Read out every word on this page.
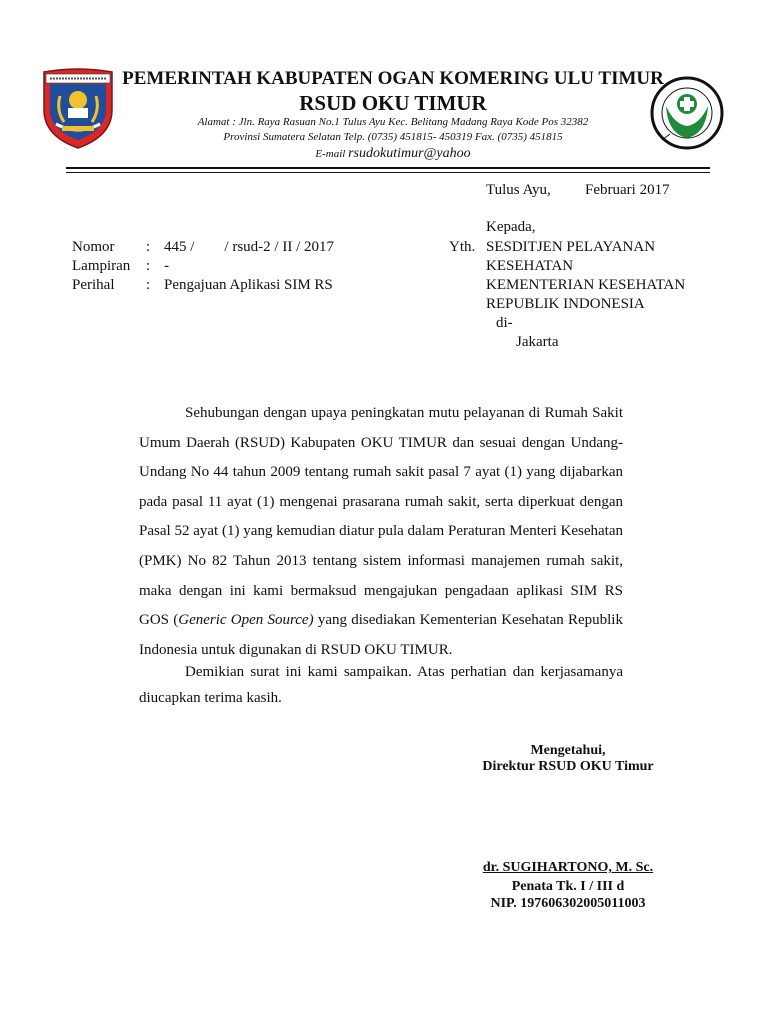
PEMERINTAH KABUPATEN OGAN KOMERING ULU TIMUR
RSUD OKU TIMUR
Alamat : Jln. Raya Rasuan No.1 Tulus Ayu Kec. Belitang Madang Raya Kode Pos 32382
Provinsi Sumatera Selatan Telp. (0735) 451815- 450319 Fax. (0735) 451815
E-mail rsudokutimur@yahoo
Tulus Ayu, Februari 2017
Kepada,
Yth. SESDITJEN PELAYANAN
KESEHATAN
KEMENTERIAN KESEHATAN
REPUBLIK INDONESIA
di-
Jakarta
Nomor	:	445 /        / rsud-2 / II / 2017
Lampiran	:	-
Perihal	:	Pengajuan Aplikasi SIM RS

Sehubungan dengan upaya peningkatan mutu pelayanan di Rumah Sakit Umum Daerah (RSUD) Kabupaten OKU TIMUR dan sesuai dengan Undang-Undang No 44 tahun 2009 tentang rumah sakit pasal 7 ayat (1) yang dijabarkan pada pasal 11 ayat (1) mengenai prasarana rumah sakit, serta diperkuat dengan Pasal 52 ayat (1) yang kemudian diatur pula dalam Peraturan Menteri Kesehatan (PMK) No 82 Tahun 2013 tentang sistem informasi manajemen rumah sakit, maka dengan ini kami bermaksud mengajukan pengadaan aplikasi SIM RS GOS (Generic Open Source) yang disediakan Kementerian Kesehatan Republik Indonesia untuk digunakan di RSUD OKU TIMUR.

Demikian surat ini kami sampaikan. Atas perhatian dan kerjasamanya diucapkan terima kasih.

Mengetahui,
Direktur RSUD OKU Timur
dr. SUGIHARTONO, M. Sc.
Penata Tk. I / III d
NIP. 197606302005011003
